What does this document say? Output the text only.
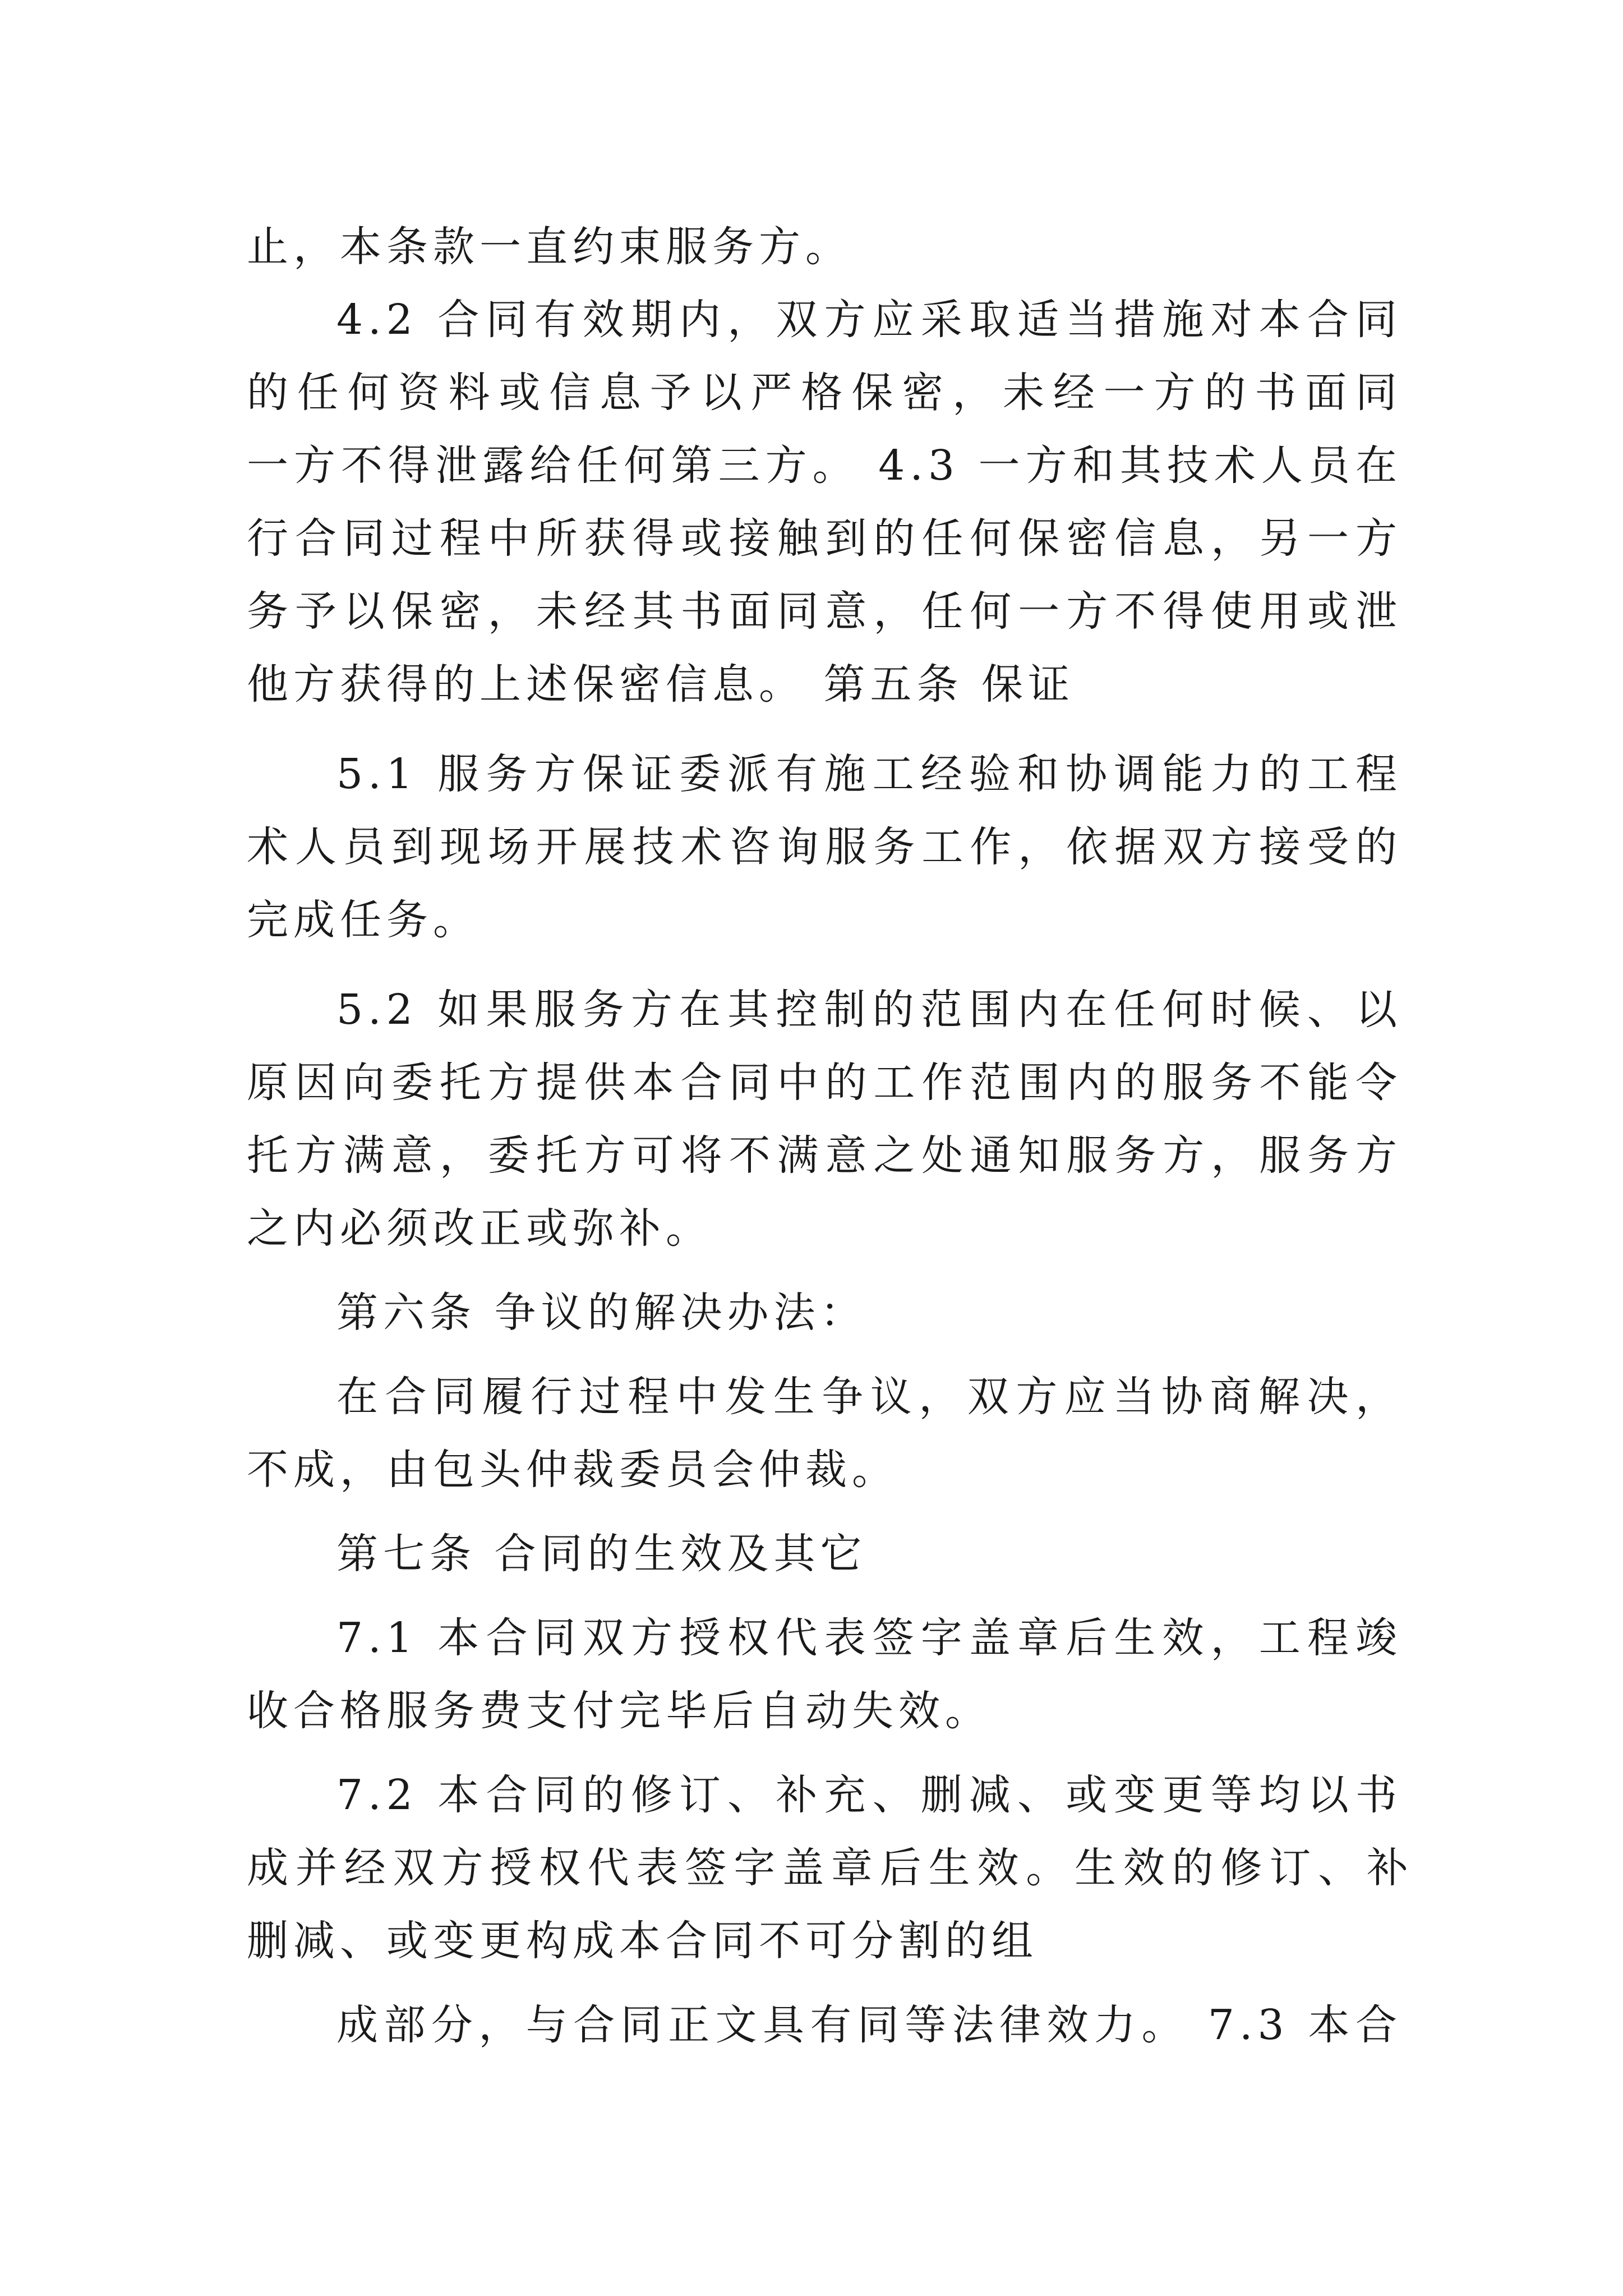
止，本条款一直约束服务方。
4.2 合同有效期内，双方应采取适当措施对本合同
的任何资料或信息予以严格保密，未经一方的书面同
一方不得泄露给任何第三方。 4.3 一方和其技术人员在
行合同过程中所获得或接触到的任何保密信息，另一方
务予以保密，未经其书面同意，任何一方不得使用或泄
他方获得的上述保密信息。 第五条 保证
5.1 服务方保证委派有施工经验和协调能力的工程
术人员到现场开展技术咨询服务工作，依据双方接受的
完成任务。
5.2 如果服务方在其控制的范围内在任何时候、以
原因向委托方提供本合同中的工作范围内的服务不能令
托方满意，委托方可将不满意之处通知服务方，服务方
之内必须改正或弥补。
第六条 争议的解决办法：
在合同履行过程中发生争议，双方应当协商解决，
不成，由包头仲裁委员会仲裁。
第七条 合同的生效及其它
7.1 本合同双方授权代表签字盖章后生效，工程竣
收合格服务费支付完毕后自动失效。
7.2 本合同的修订、补充、删减、或变更等均以书
成并经双方授权代表签字盖章后生效。生效的修订、补
删减、或变更构成本合同不可分割的组
成部分，与合同正文具有同等法律效力。 7.3 本合
